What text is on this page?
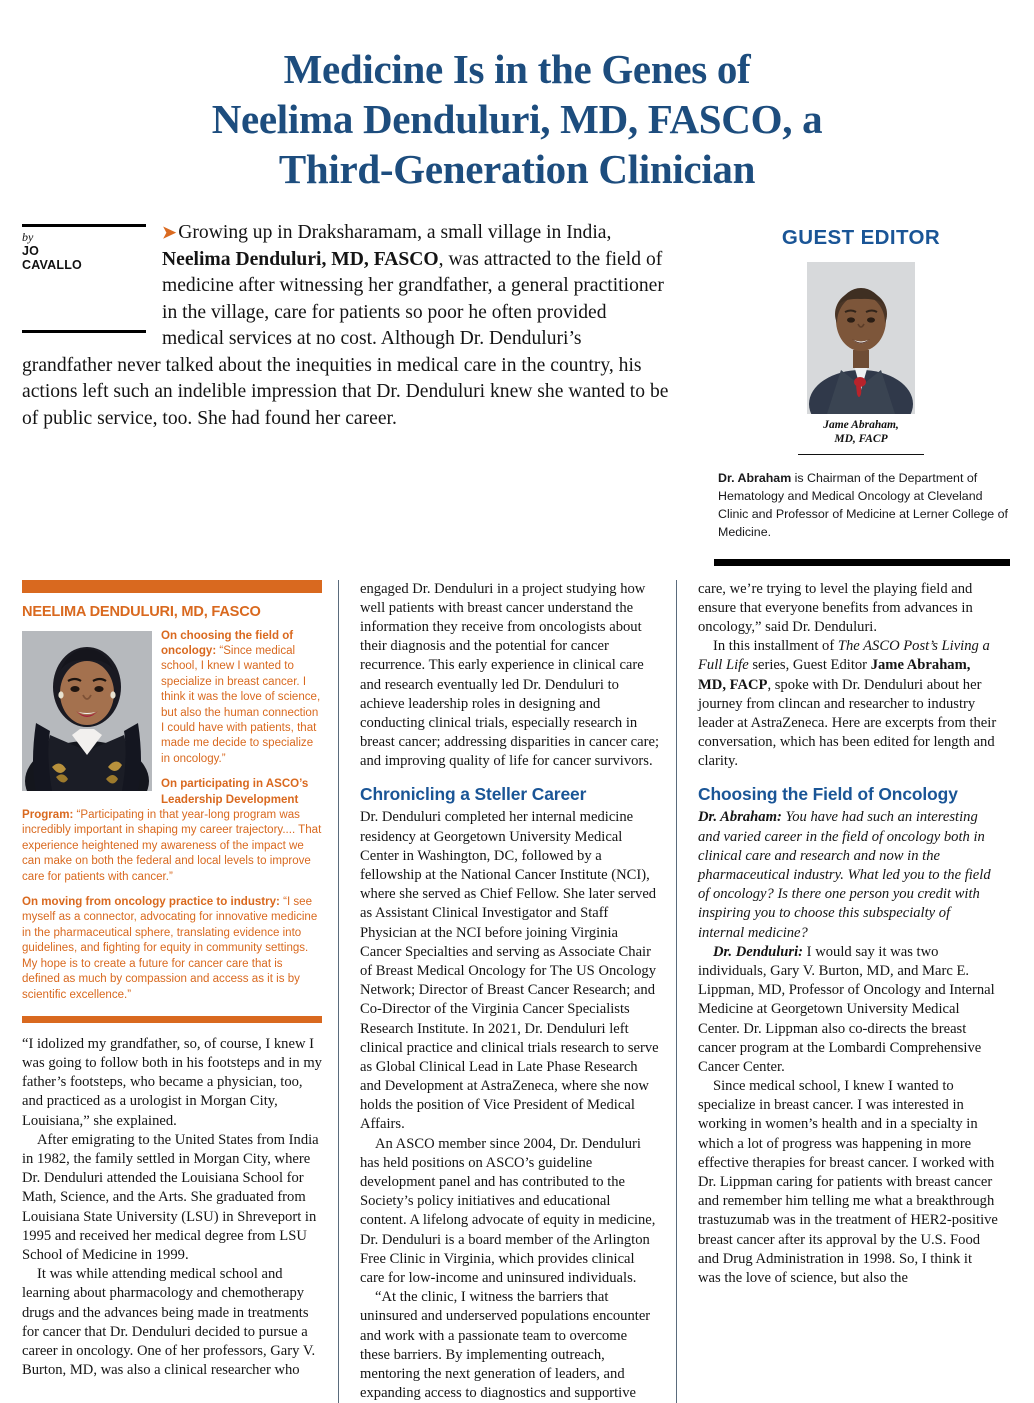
Medicine Is in the Genes of
Neelima Denduluri, MD, FASCO, a
Third-Generation Clinician
by
JO
CAVALLO

➤ Growing up in Draksharamam, a small village in India, Neelima Denduluri, MD, FASCO, was attracted to the field of medicine after witnessing her grandfather, a general practitioner in the village, care for patients so poor he often provided medical services at no cost. Although Dr. Denduluri’s grandfather never talked about the inequities in medical care in the country, his actions left such an indelible impression that Dr. Denduluri knew she wanted to be of public service, too. She had found her career.

GUEST EDITOR
Jame Abraham,
MD, FACP
Dr. Abraham is Chairman of the Department of Hematology and Medical Oncology at Cleveland Clinic and Professor of Medicine at Lerner College of Medicine.
NEELIMA DENDULURI, MD, FASCO

On choosing the field of oncology: “Since medical school, I knew I wanted to specialize in breast cancer. I think it was the love of science, but also the human connection I could have with patients, that made me decide to specialize in oncology.”

On participating in ASCO’s Leadership Development Program: “Participating in that year-long program was incredibly important in shaping my career trajectory.... That experience heightened my awareness of the impact we can make on both the federal and local levels to improve care for patients with cancer.”

On moving from oncology practice to industry: “I see myself as a connector, advocating for innovative medicine in the pharmaceutical sphere, translating evidence into guidelines, and fighting for equity in community settings. My hope is to create a future for cancer care that is defined as much by compassion and access as it is by scientific excellence.”

“I idolized my grandfather, so, of course, I knew I was going to follow both in his footsteps and in my father’s footsteps, who became a physician, too, and practiced as a urologist in Morgan City, Louisiana,” she explained.

After emigrating to the United States from India in 1982, the family settled in Morgan City, where Dr. Denduluri attended the Louisiana School for Math, Science, and the Arts. She graduated from Louisiana State University (LSU) in Shreveport in 1995 and received her medical degree from LSU School of Medicine in 1999.

It was while attending medical school and learning about pharmacology and chemotherapy drugs and the advances being made in treatments for cancer that Dr. Denduluri decided to pursue a career in oncology. One of her professors, Gary V. Burton, MD, was also a clinical researcher who

engaged Dr. Denduluri in a project studying how well patients with breast cancer understand the information they receive from oncologists about their diagnosis and the potential for cancer recurrence. This early experience in clinical care and research eventually led Dr. Denduluri to achieve leadership roles in designing and conducting clinical trials, especially research in breast cancer; addressing disparities in cancer care; and improving quality of life for cancer survivors.

Chronicling a Steller Career

Dr. Denduluri completed her internal medicine residency at Georgetown University Medical Center in Washington, DC, followed by a fellowship at the National Cancer Institute (NCI), where she served as Chief Fellow. She later served as Assistant Clinical Investigator and Staff Physician at the NCI before joining Virginia Cancer Specialties and serving as Associate Chair of Breast Medical Oncology for The US Oncology Network; Director of Breast Cancer Research; and Co-Director of the Virginia Cancer Specialists Research Institute. In 2021, Dr. Denduluri left clinical practice and clinical trials research to serve as Global Clinical Lead in Late Phase Research and Development at AstraZeneca, where she now holds the position of Vice President of Medical Affairs.

An ASCO member since 2004, Dr. Denduluri has held positions on ASCO’s guideline development panel and has contributed to the Society’s policy initiatives and educational content. A lifelong advocate of equity in medicine, Dr. Denduluri is a board member of the Arlington Free Clinic in Virginia, which provides clinical care for low-income and uninsured individuals.

“At the clinic, I witness the barriers that uninsured and underserved populations encounter and work with a passionate team to overcome these barriers. By implementing outreach, mentoring the next generation of leaders, and expanding access to diagnostics and supportive

care, we’re trying to level the playing field and ensure that everyone benefits from advances in oncology,” said Dr. Denduluri.

In this installment of The ASCO Post’s Living a Full Life series, Guest Editor Jame Abraham, MD, FACP, spoke with Dr. Denduluri about her journey from clincan and researcher to industry leader at AstraZeneca. Here are excerpts from their conversation, which has been edited for length and clarity.

Choosing the Field of Oncology

Dr. Abraham: You have had such an interesting and varied career in the field of oncology both in clinical care and research and now in the pharmaceutical industry. What led you to the field of oncology? Is there one person you credit with inspiring you to choose this subspecialty of internal medicine?

Dr. Denduluri: I would say it was two individuals, Gary V. Burton, MD, and Marc E. Lippman, MD, Professor of Oncology and Internal Medicine at Georgetown University Medical Center. Dr. Lippman also co-directs the breast cancer program at the Lombardi Comprehensive Cancer Center.

Since medical school, I knew I wanted to specialize in breast cancer. I was interested in working in women’s health and in a specialty in which a lot of progress was happening in more effective therapies for breast cancer. I worked with Dr. Lippman caring for patients with breast cancer and remember him telling me what a breakthrough trastuzumab was in the treatment of HER2-positive breast cancer after its approval by the U.S. Food and Drug Administration in 1998. So, I think it was the love of science, but also the
